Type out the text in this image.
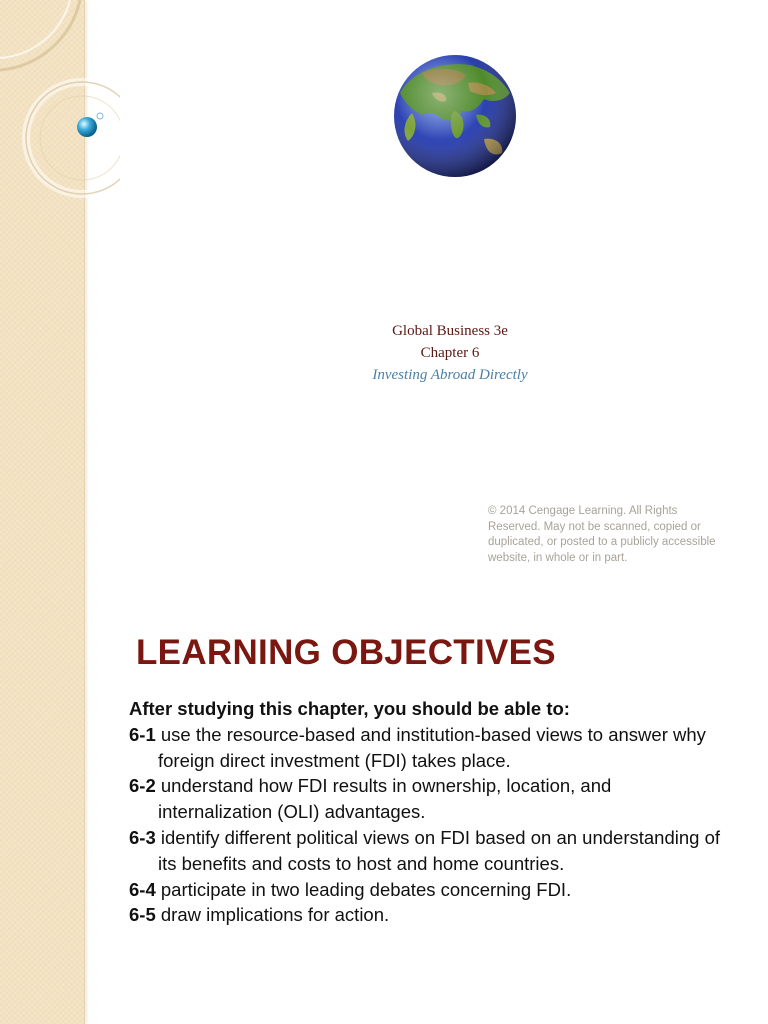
Global Business 3e
Chapter 6
Investing Abroad Directly
© 2014 Cengage Learning. All Rights Reserved. May not be scanned, copied or duplicated, or posted to a publicly accessible website, in whole or in part.
LEARNING OBJECTIVES
After studying this chapter, you should be able to:
6-1 use the resource-based and institution-based views to answer why foreign direct investment (FDI) takes place.
6-2 understand how FDI results in ownership, location, and internalization (OLI) advantages.
6-3 identify different political views on FDI based on an understanding of its benefits and costs to host and home countries.
6-4 participate in two leading debates concerning FDI.
6-5 draw implications for action.
